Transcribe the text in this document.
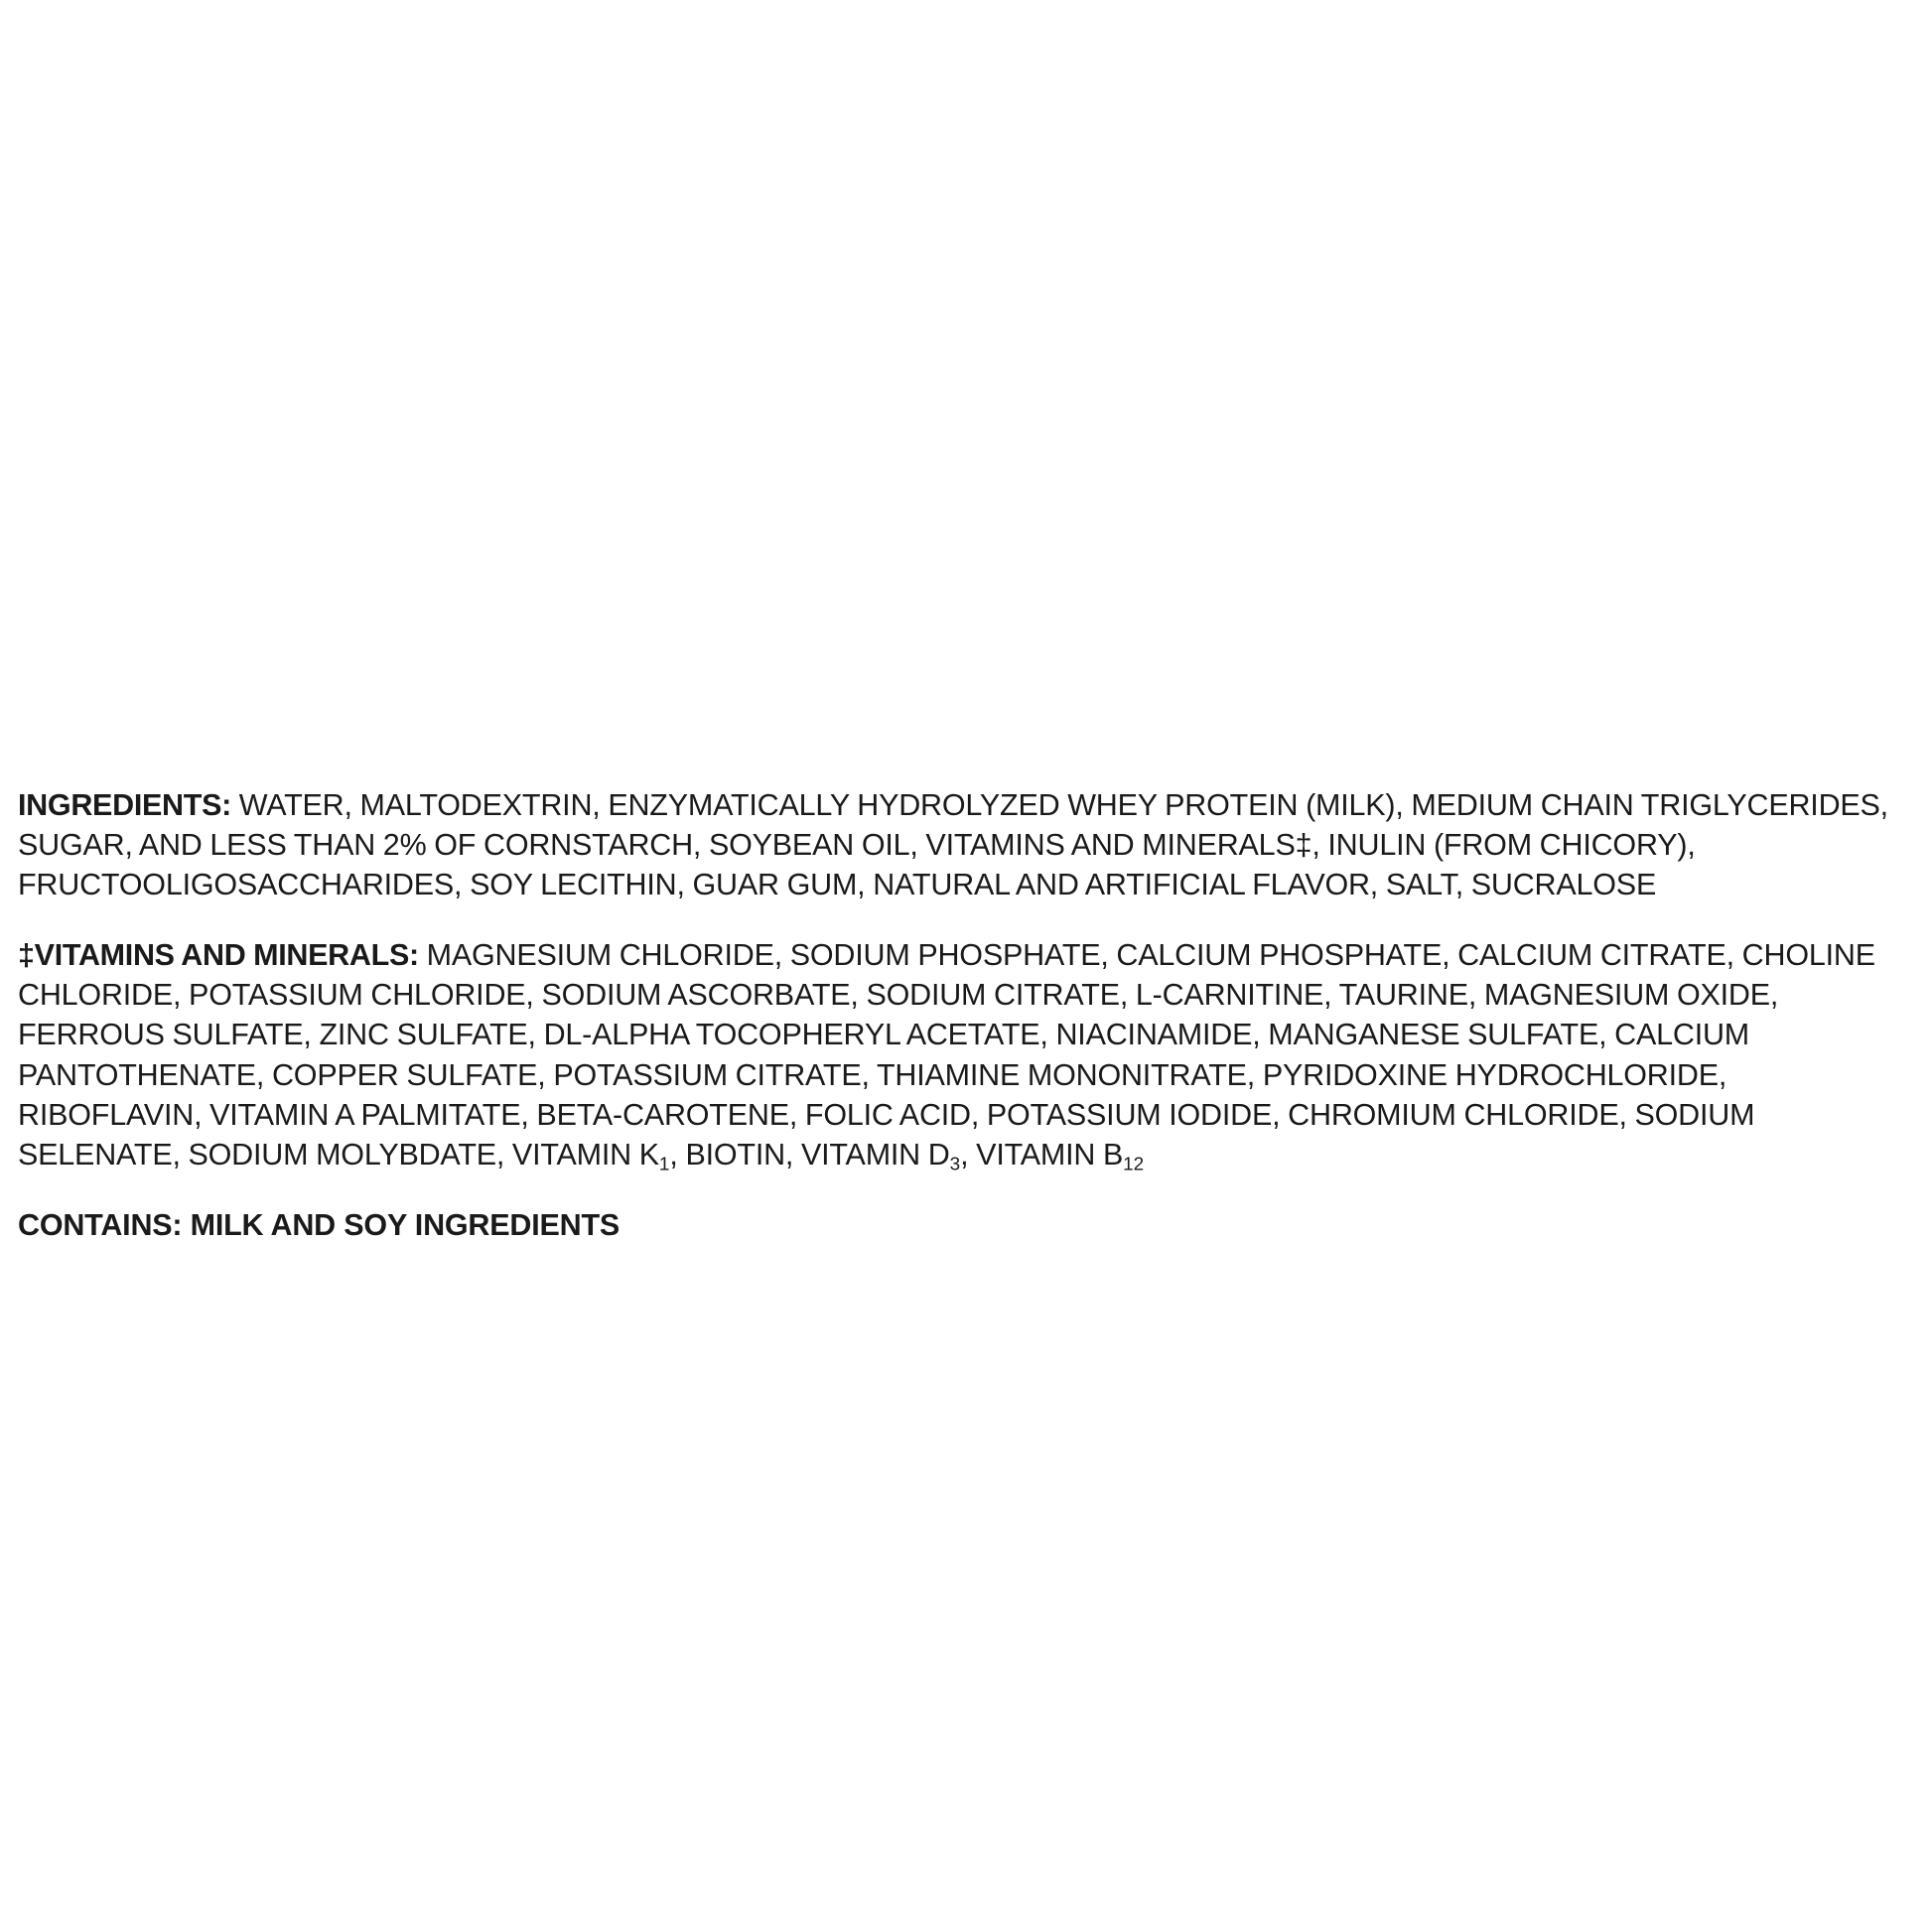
INGREDIENTS: WATER, MALTODEXTRIN, ENZYMATICALLY HYDROLYZED WHEY PROTEIN (MILK), MEDIUM CHAIN TRIGLYCERIDES, SUGAR, AND LESS THAN 2% OF CORNSTARCH, SOYBEAN OIL, VITAMINS AND MINERALS‡, INULIN (FROM CHICORY), FRUCTOOLIGOSACCHARIDES, SOY LECITHIN, GUAR GUM, NATURAL AND ARTIFICIAL FLAVOR, SALT, SUCRALOSE

‡VITAMINS AND MINERALS: MAGNESIUM CHLORIDE, SODIUM PHOSPHATE, CALCIUM PHOSPHATE, CALCIUM CITRATE, CHOLINE CHLORIDE, POTASSIUM CHLORIDE, SODIUM ASCORBATE, SODIUM CITRATE, L-CARNITINE, TAURINE, MAGNESIUM OXIDE, FERROUS SULFATE, ZINC SULFATE, DL-ALPHA TOCOPHERYL ACETATE, NIACINAMIDE, MANGANESE SULFATE, CALCIUM PANTOTHENATE, COPPER SULFATE, POTASSIUM CITRATE, THIAMINE MONONITRATE, PYRIDOXINE HYDROCHLORIDE, RIBOFLAVIN, VITAMIN A PALMITATE, BETA-CAROTENE, FOLIC ACID, POTASSIUM IODIDE, CHROMIUM CHLORIDE, SODIUM SELENATE, SODIUM MOLYBDATE, VITAMIN $K_1$, BIOTIN, VITAMIN $D_3$, VITAMIN $B_{12}$

CONTAINS: MILK AND SOY INGREDIENTS
